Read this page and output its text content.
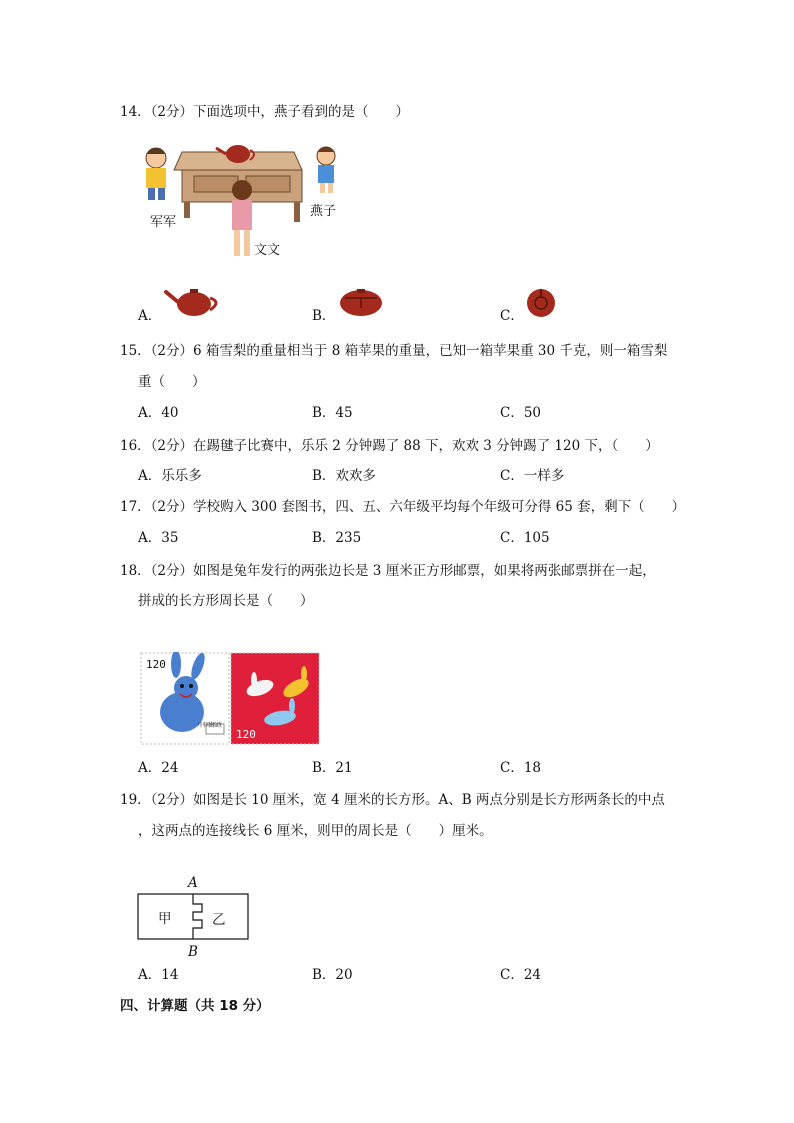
14．（2分）下面选项中，燕子看到的是（　　）
军军
燕子
文文
A．	B．	C．
15．（2分）6 箱雪梨的重量相当于 8 箱苹果的重量，已知一箱苹果重 30 千克，则一箱雪梨
重（　　）
A．40	B．45	C．50
16．（2分）在踢毽子比赛中，乐乐 2 分钟踢了 88 下，欢欢 3 分钟踢了 120 下，（　　）
A．乐乐多	B．欢欢多	C．一样多
17．（2分）学校购入 300 套图书，四、五、六年级平均每个年级可分得 65 套，剩下（　　）
A．35	B．235	C．105
18．（2分）如图是兔年发行的两张边长是 3 厘米正方形邮票，如果将两张邮票拼在一起，
拼成的长方形周长是（　　）
120
120
中国邮政
A．24	B．21	C．18
19．（2分）如图是长 10 厘米，宽 4 厘米的长方形。A、B 两点分别是长方形两条长的中点
，这两点的连接线长 6 厘米，则甲的周长是（　　）厘米。
A
B
甲	乙
A．14	B．20	C．24
四、计算题（共 18 分）
